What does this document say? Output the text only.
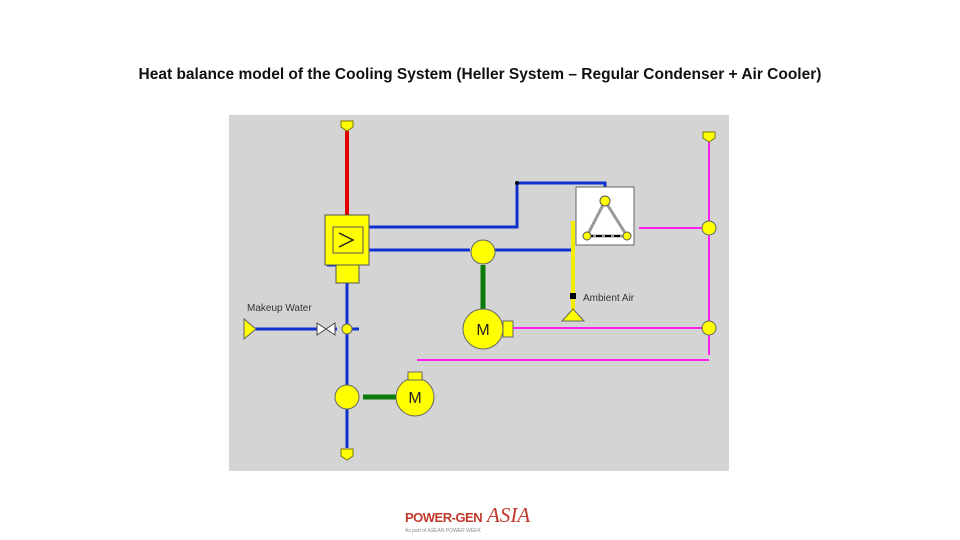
Heat balance model of the Cooling System (Heller System – Regular Condenser + Air Cooler)
M
M
Makeup Water
Ambient Air
POWER-GEN ASIA
As part of ASEAN POWER WEEK
